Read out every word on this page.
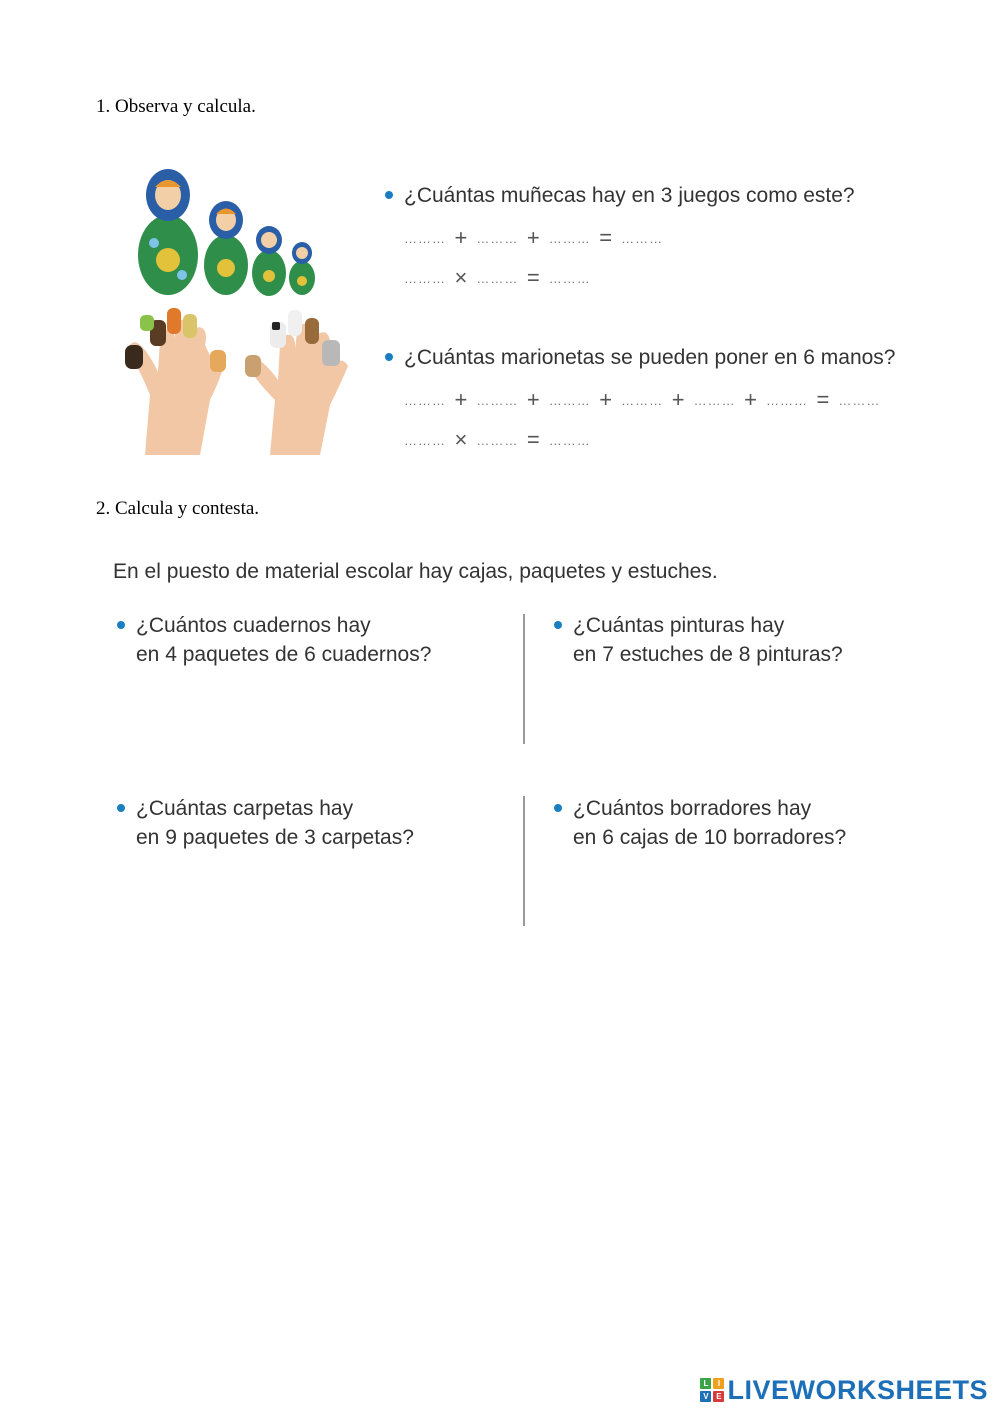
1. Observa y calcula.
¿Cuántas muñecas hay en 3 juegos como este?
……… + ……… + ……… = ………
……… × ……… = ………
¿Cuántas marionetas se pueden poner en 6 manos?
……… + ……… + ……… + ……… + ……… + ……… = ………
……… × ……… = ………
2. Calcula y contesta.
En el puesto de material escolar hay cajas, paquetes y estuches.
¿Cuántos cuadernos hay
en 4 paquetes de 6 cuadernos?
¿Cuántas pinturas hay
en 7 estuches de 8 pinturas?
¿Cuántas carpetas hay
en 9 paquetes de 3 carpetas?
¿Cuántos borradores hay
en 6 cajas de 10 borradores?
L	I
V E LIVEWORKSHEETS
